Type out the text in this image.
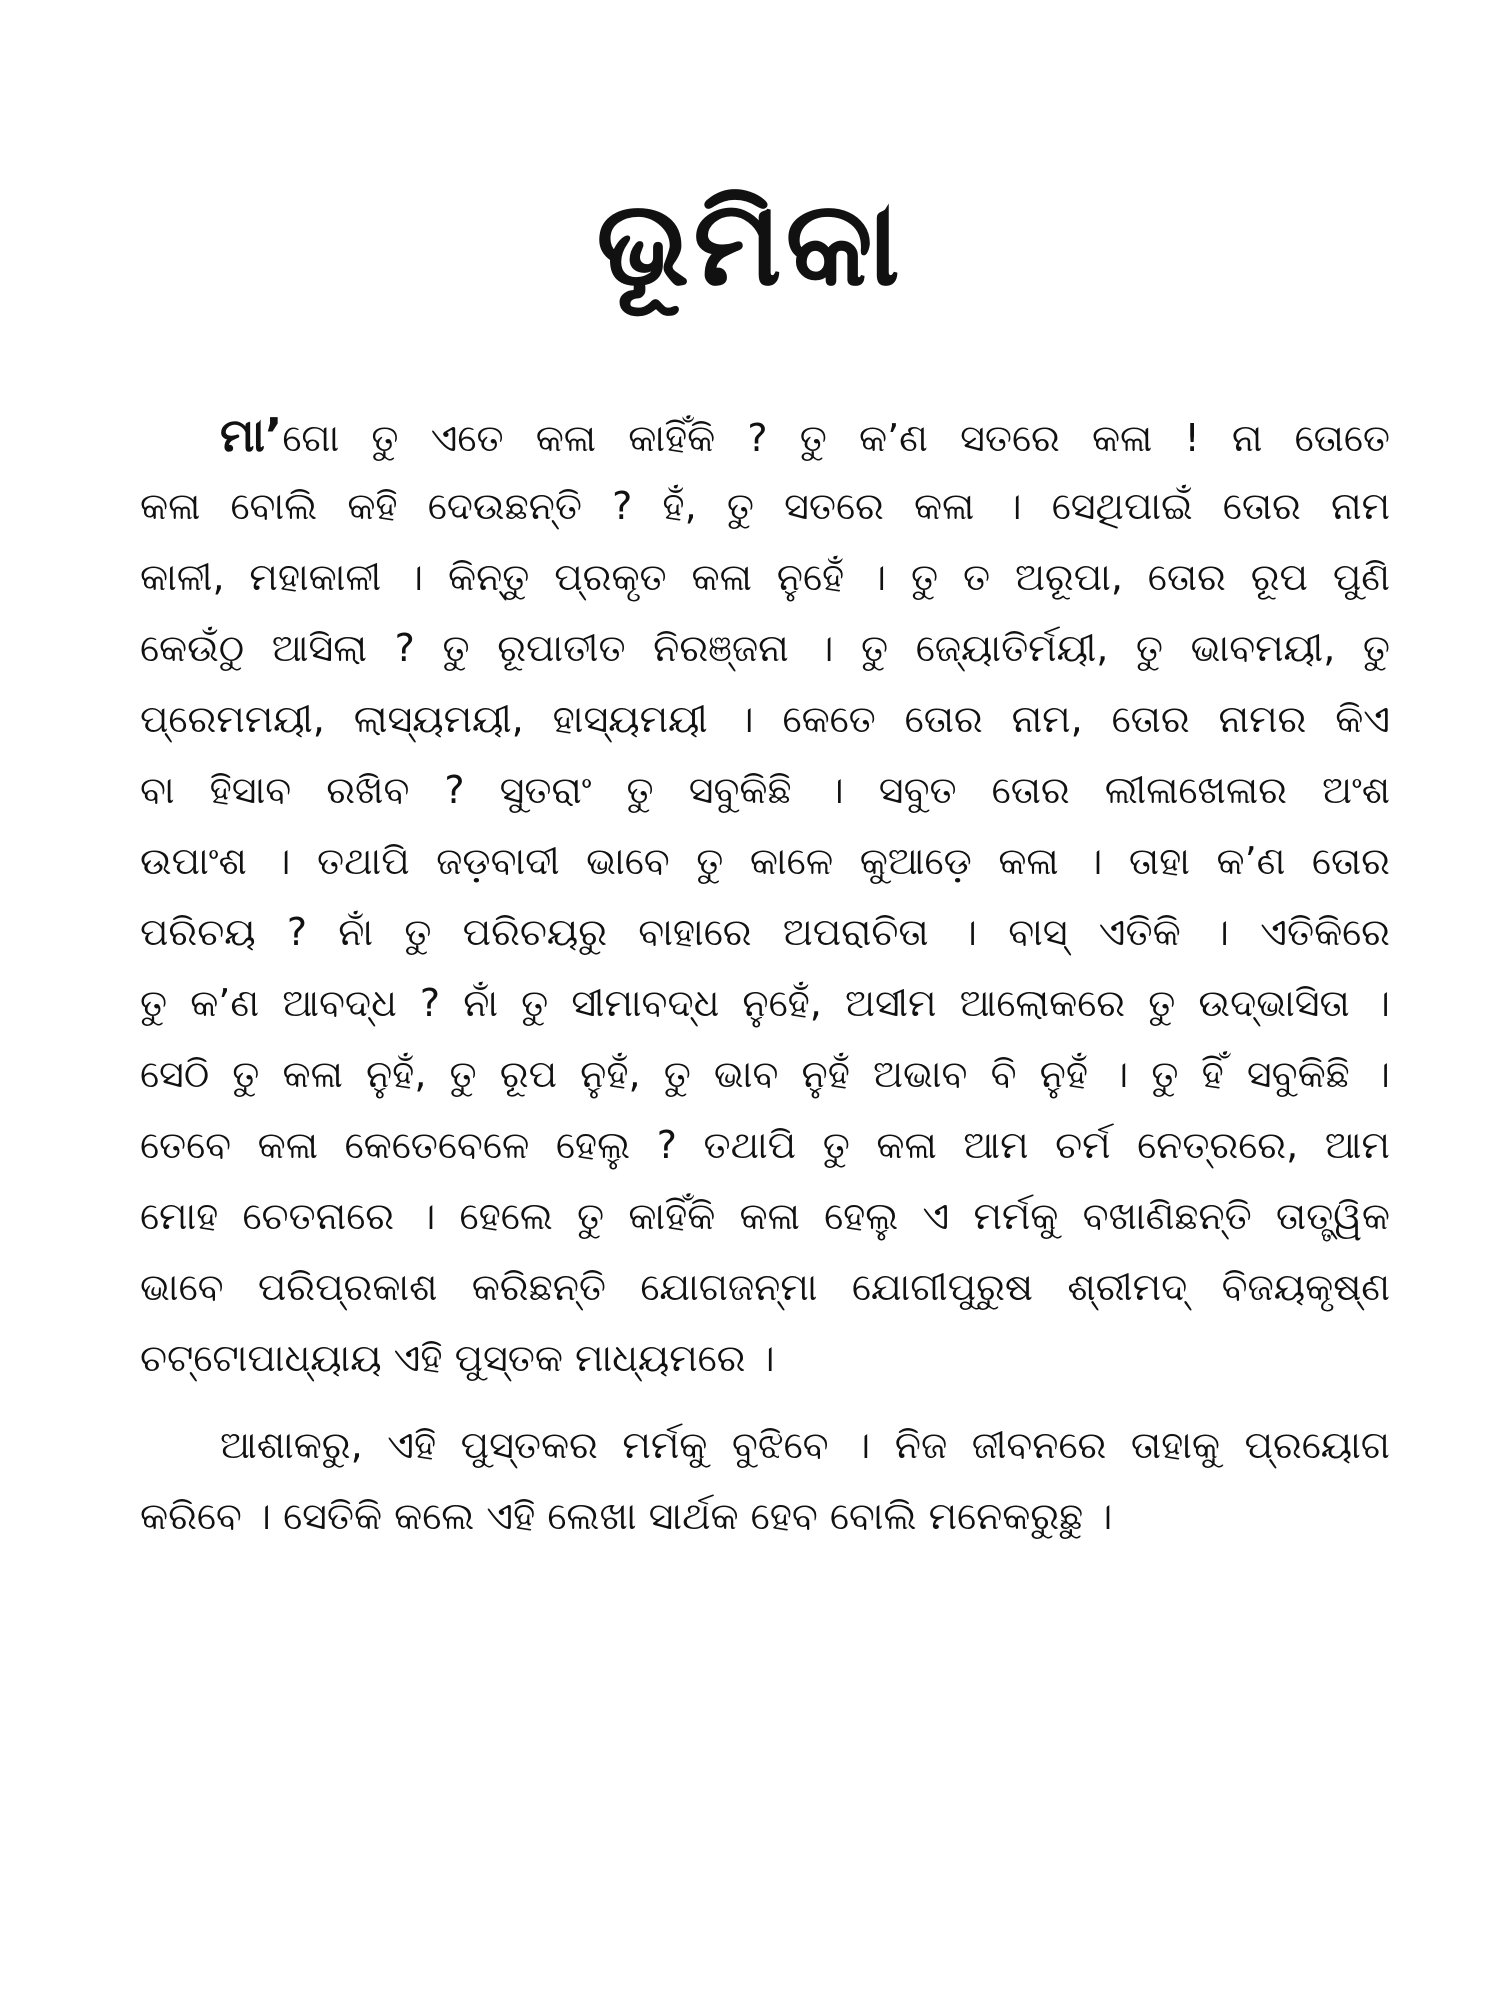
ଭୂମିକା
ମା’ଗୋ ତୁ ଏତେ କଳା କାହିଁକି ? ତୁ କ’ଣ ସତରେ କଳା ! ନା ତୋତେ
କଳା ବୋଲି କହି ଦେଉଛନ୍ତି ? ହଁ, ତୁ ସତରେ କଳା । ସେଥିପାଇଁ ତୋର ନାମ
କାଳୀ, ମହାକାଳୀ । କିନ୍ତୁ ପ୍ରକୃତ କଳା ନୁହେଁ । ତୁ ତ ଅରୂପା, ତୋର ରୂପ ପୁଣି
କେଉଁଠୁ ଆସିଲା ? ତୁ ରୂପାତୀତ ନିରଞ୍ଜନା । ତୁ ଜ୍ୟୋତିର୍ମୟୀ, ତୁ ଭାବମୟୀ, ତୁ
ପ୍ରେମମୟୀ, ଲାସ୍ୟମୟୀ, ହାସ୍ୟମୟୀ । କେତେ ତୋର ନାମ, ତୋର ନାମର କିଏ
ବା ହିସାବ ରଖିବ ? ସୁତରାଂ ତୁ ସବୁକିଛି । ସବୁତ ତୋର ଲୀଳାଖେଳାର ଅଂଶ
ଉପାଂଶ । ତଥାପି ଜଡ଼ବାଦୀ ଭାବେ ତୁ କାଳେ କୁଆଡ଼େ କଳା । ତାହା କ’ଣ ତୋର
ପରିଚୟ ? ନାଁ ତୁ ପରିଚୟରୁ ବାହାରେ ଅପରାଚିତା । ବାସ୍ ଏତିକି । ଏତିକିରେ
ତୁ କ’ଣ ଆବଦ୍ଧ ? ନାଁ ତୁ ସୀମାବଦ୍ଧ ନୁହେଁ, ଅସୀମ ଆଲୋକରେ ତୁ ଉଦ୍‌ଭାସିତା ।
ସେଠି ତୁ କଳା ନୁହଁ, ତୁ ରୂପ ନୁହଁ, ତୁ ଭାବ ନୁହଁ ଅଭାବ ବି ନୁହଁ । ତୁ ହିଁ ସବୁକିଛି ।
ତେବେ କଳା କେତେବେଳେ ହେଲୁ ? ତଥାପି ତୁ କଳା ଆମ ଚର୍ମ ନେତ୍ରରେ, ଆମ
ମୋହ ଚେତନାରେ । ହେଲେ ତୁ କାହିଁକି କଳା ହେଲୁ ଏ ମର୍ମକୁ ବଖାଣିଛନ୍ତି ତାତ୍ତ୍ୱିକ
ଭାବେ ପରିପ୍ରକାଶ କରିଛନ୍ତି ଯୋଗଜନ୍ମା ଯୋଗୀପୁରୁଷ ଶ୍ରୀମଦ୍ ବିଜୟକୃଷ୍ଣ
ଚଟ୍ଟୋପାଧ୍ୟାୟ ଏହି ପୁସ୍ତକ ମାଧ୍ୟମରେ ।
ଆଶାକରୁ, ଏହି ପୁସ୍ତକର ମର୍ମକୁ ବୁଝିବେ । ନିଜ ଜୀବନରେ ତାହାକୁ ପ୍ରୟୋଗ
କରିବେ । ସେତିକି କଲେ ଏହି ଲେଖା ସାର୍ଥକ ହେବ ବୋଲି ମନେକରୁଛୁ ।
